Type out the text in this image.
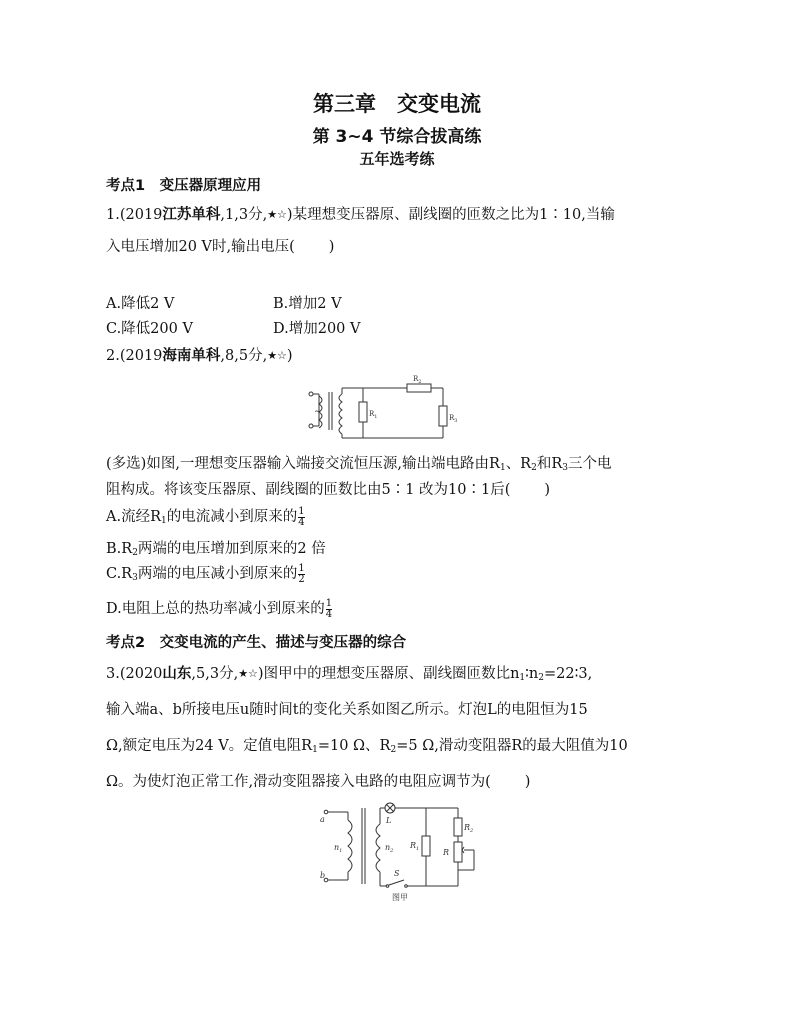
第三章　交变电流
第 3~4 节综合拔高练
五年选考练
考点1　变压器原理应用
1.(2019江苏单科,1,3分,★☆)某理想变压器原、副线圈的匝数之比为1∶10,当输
入电压增加20 V时,输出电压( )
A.降低2 V	B.增加2 V
C.降低200 V	D.增加200 V
2.(2019海南单科,8,5分,★☆)
~
$R_2$
$R_1$	$R_3$
(多选)如图,一理想变压器输入端接交流恒压源,输出端电路由$R_1$、$R_2$和$R_3$三个电
阻构成。将该变压器原、副线圈的匝数比由5∶1 改为10∶1后( )
A.流经$R_1$的电流减小到原来的 $\frac{1}{4}$
$B.R_2$两端的电压增加到原来的2 倍
$C.R_3$两端的电压减小到原来的 $\frac{1}{2}$
D.电阻上总的热功率减小到原来的 $\frac{1}{4}$
考点2　交变电流的产生、描述与变压器的综合
3.(2020山东,5,3分,★☆)图甲中的理想变压器原、副线圈匝数比$n_1∶n_2=22∶3$,
输入端a、b所接电压u随时间t的变化关系如图乙所示。灯泡L的电阻恒为15
Ω,额定电压为24 V。定值电阻$R_1=10$ Ω、$R_2=5$ Ω,滑动变阻器R的最大阻值为10
Ω。为使灯泡正常工作,滑动变阻器接入电路的电阻应调节为( )
a
b
$n_1$	$n_2$
L
$R_1$
$R_2$
R
S
图甲
